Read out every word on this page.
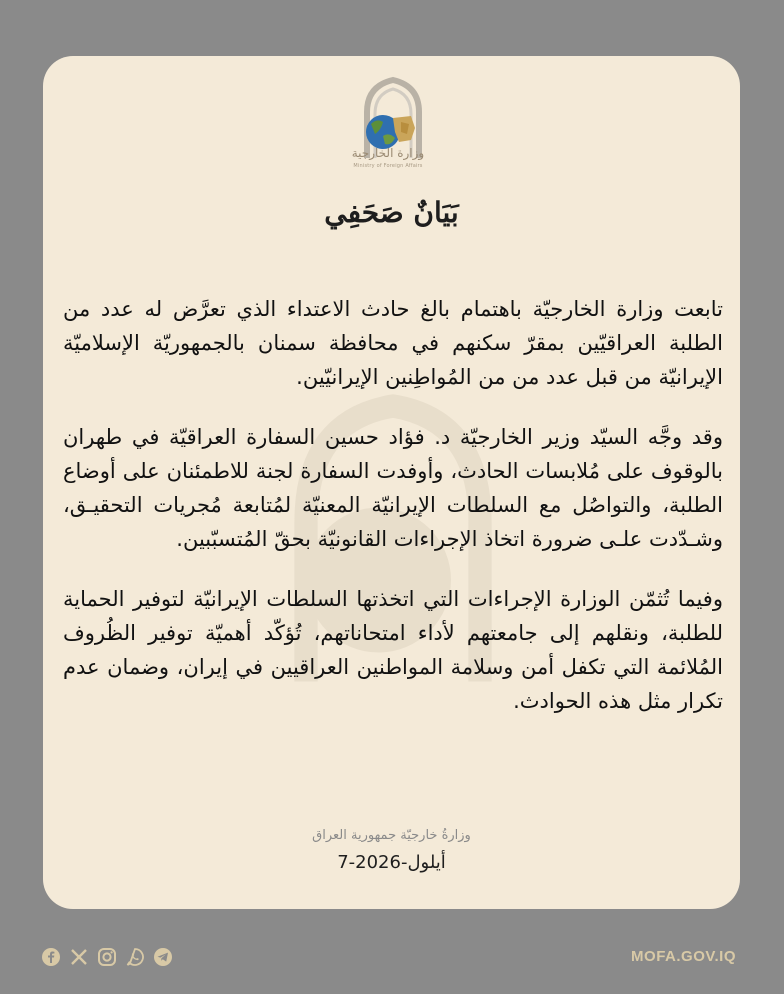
وزارة الخارجية
Ministry of Foreign Affairs
بَيَانٌ صَحَفِي

تابعت وزارة الخارجيّة باهتمام بالغ حادث الاعتداء الذي تعرَّض له عدد من الطلبة العراقيّين بمقرّ سكنهم في محافظة سمنان بالجمهوريّة الإسلاميّة الإيرانيّة من قبل عدد من من المُواطِنين الإيرانيّين.

وقد وجَّه السيّد وزير الخارجيّة د. فؤاد حسين السفارة العراقيّة في طهران بالوقوف على مُلابسات الحادث، وأوفدت السفارة لجنة للاطمئنان على أوضاع الطلبة، والتواصُل مع السلطات الإيرانيّة المعنيّة لمُتابعة مُجريات التحقيـق، وشـدّدت علـى ضرورة اتخاذ الإجراءات القانونيّة بحقّ المُتسبّبين.

وفيما تُثمّن الوزارة الإجراءات التي اتخذتها السلطات الإيرانيّة لتوفير الحماية للطلبة، ونقلهم إلى جامعتهم لأداء امتحاناتهم، تُؤكّد أهميّة توفير الظُروف المُلائمة التي تكفل أمن وسلامة المواطنين العراقيين في إيران، وضمان عدم تكرار مثل هذه الحوادث.

وزارةُ خارجيّة جمهورية العراق
7-أيلول-2026
MOFA.GOV.IQ
